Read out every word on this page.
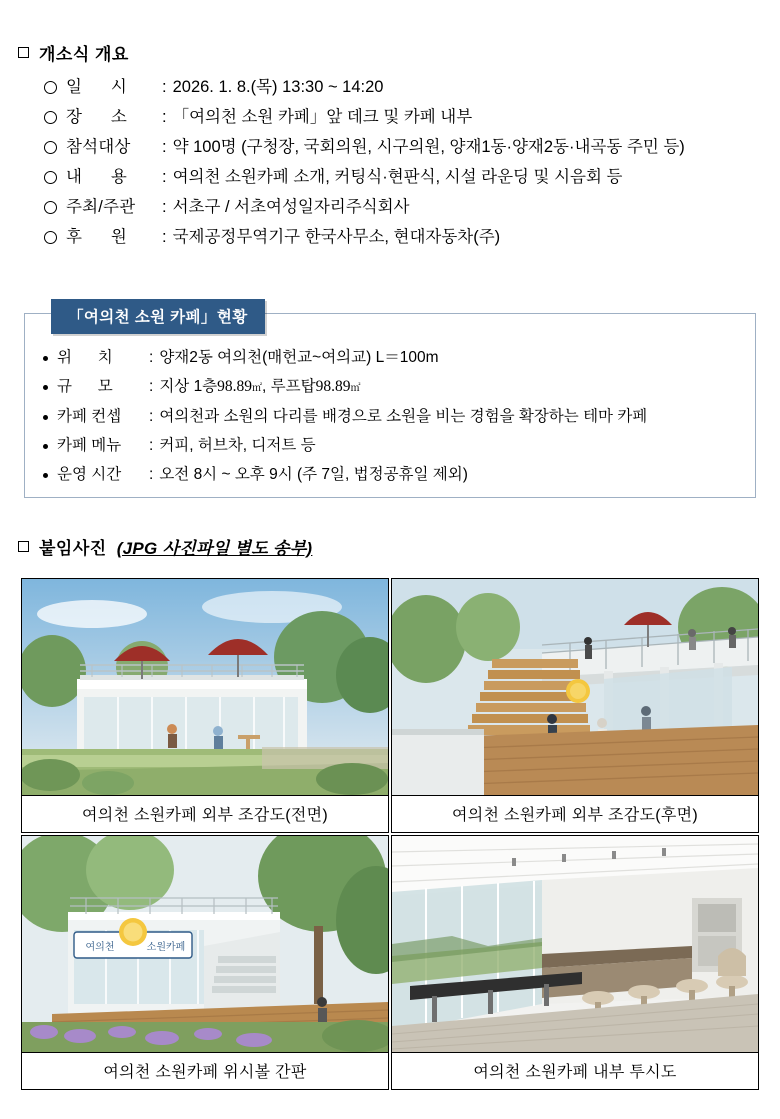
개소식 개요
일      시	: 2026. 1. 8.(목) 13:30 ~ 14:20
장      소	: 「여의천 소원 카페」앞 데크 및 카페 내부
참석대상	: 약 100명 (구청장, 국회의원, 시구의원, 양재1동·양재2동·내곡동 주민 등)
내      용	: 여의천 소원카페 소개, 커팅식·현판식, 시설 라운딩 및 시음회 등
주최/주관	: 서초구 / 서초여성일자리주식회사
후      원	: 국제공정무역기구 한국사무소, 현대자동차(주)
「여의천 소원 카페」현황
위      치	: 양재2동 여의천(매헌교~여의교) L＝100m
규      모	: 지상 1층 98.89 ㎡ , 루프탑 98.89 ㎡
카페 컨셉	: 여의천과 소원의 다리를 배경으로 소원을 비는 경험을 확장하는 테마 카페
카페 메뉴	: 커피, 허브차, 디저트 등
운영 시간	: 오전 8시 ~ 오후 9시 (주 7일, 법정공휴일 제외)
붙임사진 (JPG 사진파일 별도 송부)
여의천 소원카페 외부 조감도(전면)	여의천 소원카페 외부 조감도(후면)
여의천	소원카페
여의천 소원카페 위시볼 간판	여의천 소원카페 내부 투시도
